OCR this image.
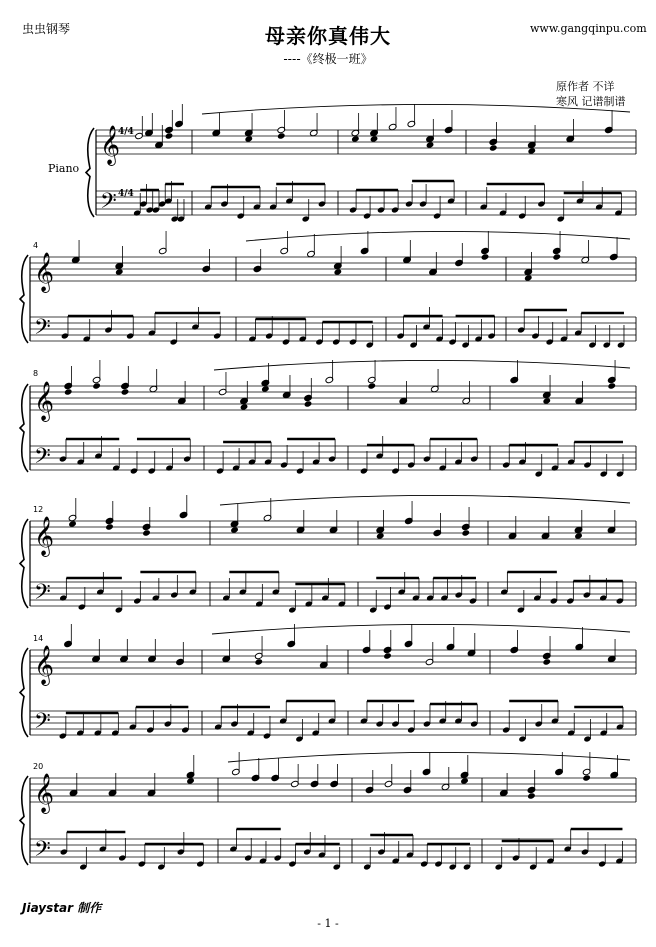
虫虫钢琴	www.gangqinpu.com
母亲你真伟大
----《终极一班》
原作者 不详
寒风 记谱制谱
Piano
4
8
12
14
20
4/4
4/4
𝄞
𝄢
𝄞
𝄢
𝄞
𝄢
𝄞
𝄢
𝄞
𝄢
𝄞
𝄢
Jiaystar 制作
- 1 -
